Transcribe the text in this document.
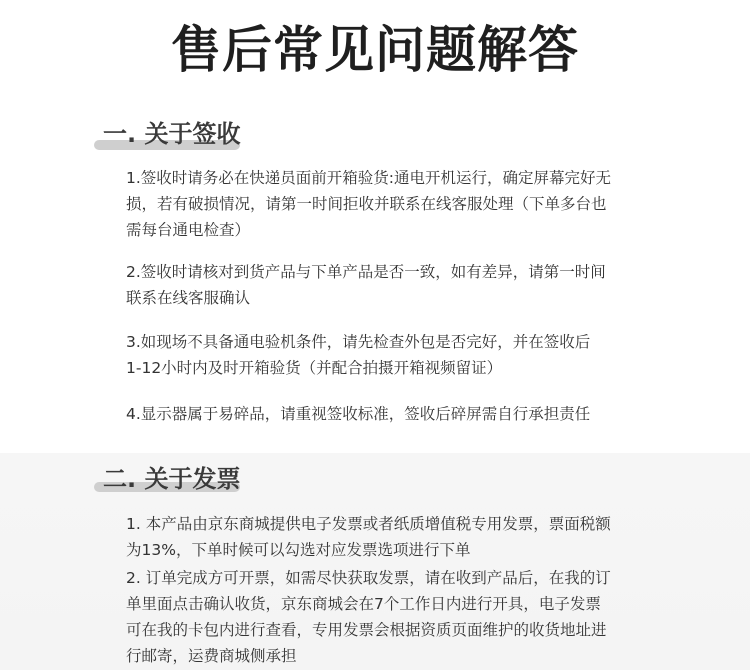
售后常见问题解答
一. 关于签收

1.签收时请务必在快递员面前开箱验货:通电开机运行，确定屏幕完好无
损，若有破损情况，请第一时间拒收并联系在线客服处理（下单多台也
需每台通电检查）

2.签收时请核对到货产品与下单产品是否一致，如有差异，请第一时间
联系在线客服确认

3.如现场不具备通电验机条件，请先检查外包是否完好，并在签收后
1-12小时内及时开箱验货（并配合拍摄开箱视频留证）

4.显示器属于易碎品，请重视签收标准，签收后碎屏需自行承担责任

二. 关于发票

1. 本产品由京东商城提供电子发票或者纸质增值税专用发票，票面税额
为13%，下单时候可以勾选对应发票选项进行下单

2. 订单完成方可开票，如需尽快获取发票，请在收到产品后，在我的订
单里面点击确认收货，京东商城会在7个工作日内进行开具，电子发票
可在我的卡包内进行查看，专用发票会根据资质页面维护的收货地址进
行邮寄，运费商城侧承担
